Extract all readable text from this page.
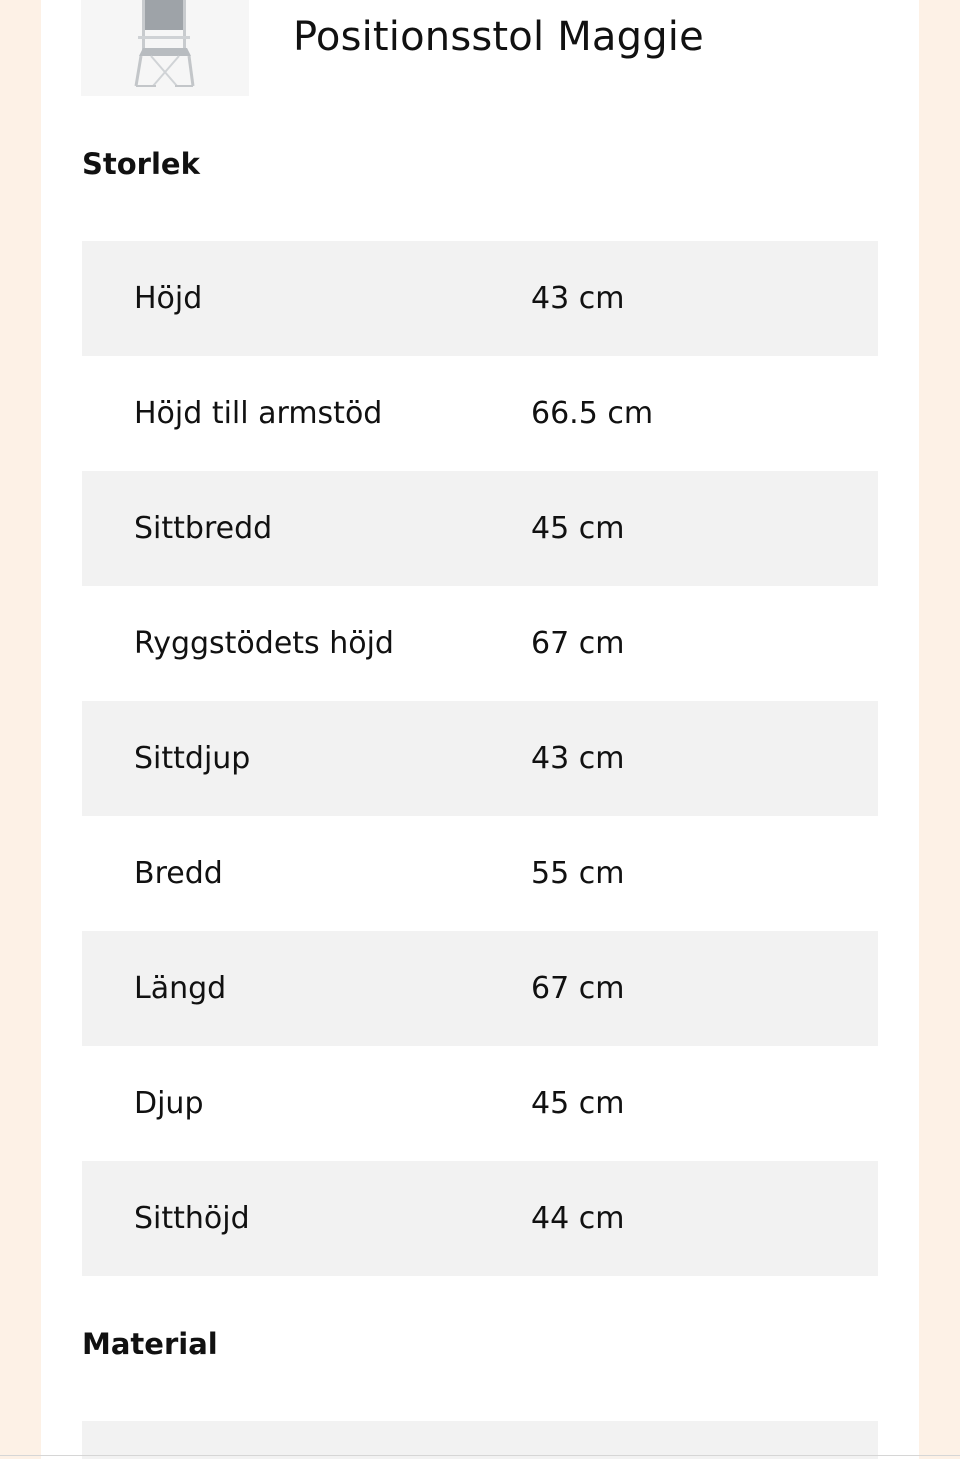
Positionsstol Maggie
Storlek
Höjd	43 cm
Höjd till armstöd	66.5 cm
Sittbredd	45 cm
Ryggstödets höjd	67 cm
Sittdjup	43 cm
Bredd	55 cm
Längd	67 cm
Djup	45 cm
Sitthöjd	44 cm
Material
